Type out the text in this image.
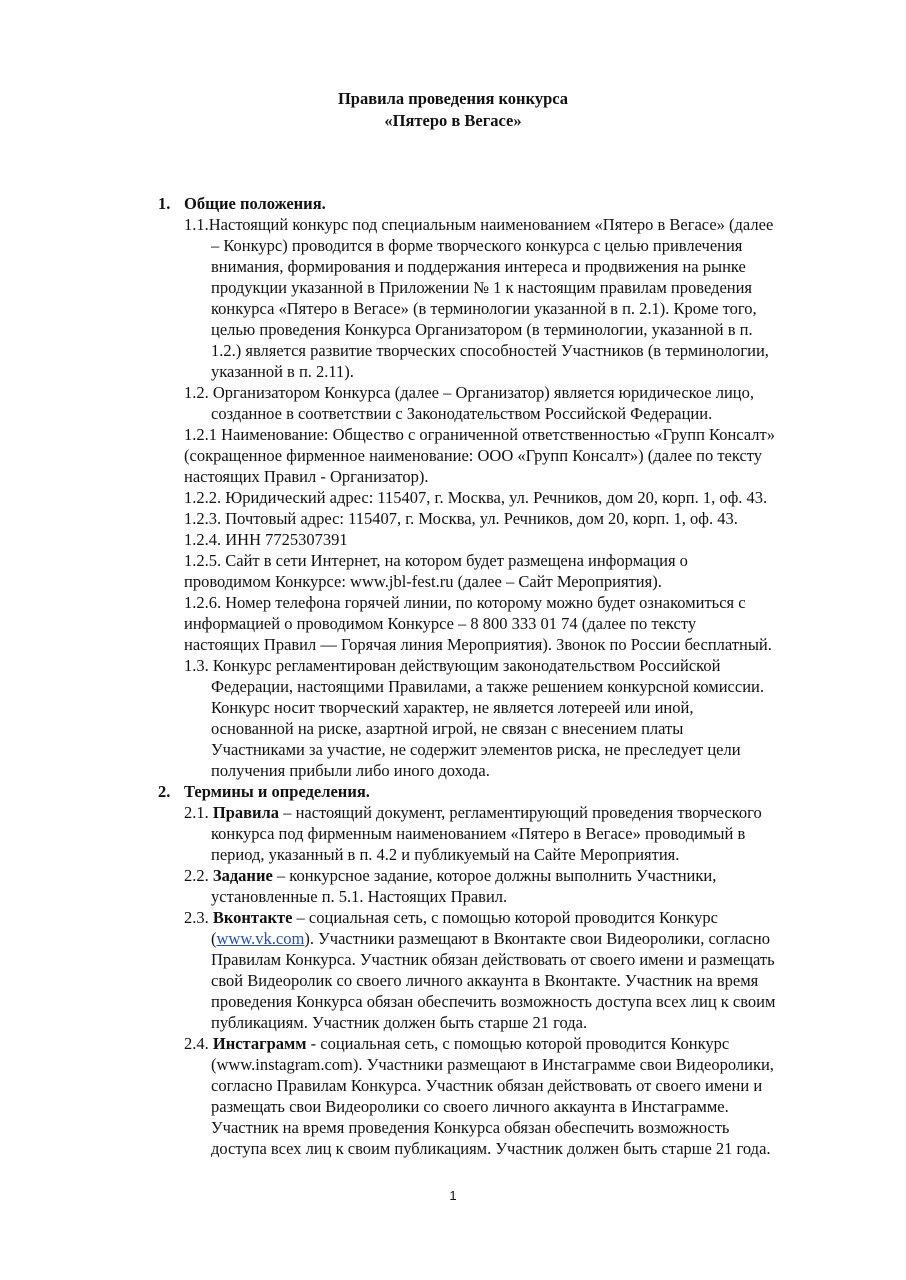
Правила проведения конкурса
«Пятеро в Вегасе»
1. Общие положения.
1.1.Настоящий конкурс под специальным наименованием «Пятеро в Вегасе» (далее
– Конкурс) проводится в форме творческого конкурса с целью привлечения
внимания, формирования и поддержания интереса и продвижения на рынке
продукции указанной в Приложении № 1 к настоящим правилам проведения
конкурса «Пятеро в Вегасе» (в терминологии указанной в п. 2.1). Кроме того,
целью проведения Конкурса Организатором (в терминологии, указанной в п.
1.2.) является развитие творческих способностей Участников (в терминологии,
указанной в п. 2.11).
1.2. Организатором Конкурса (далее – Организатор) является юридическое лицо,
созданное в соответствии с Законодательством Российской Федерации.
1.2.1 Наименование: Общество с ограниченной ответственностью «Групп Консалт»
(сокращенное фирменное наименование: ООО «Групп Консалт») (далее по тексту
настоящих Правил - Организатор).
1.2.2. Юридический адрес: 115407, г. Москва, ул. Речников, дом 20, корп. 1, оф. 43.
1.2.3. Почтовый адрес: 115407, г. Москва, ул. Речников, дом 20, корп. 1, оф. 43.
1.2.4. ИНН 7725307391
1.2.5. Сайт в сети Интернет, на котором будет размещена информация о
проводимом Конкурсе: www.jbl-fest.ru (далее – Сайт Мероприятия).
1.2.6. Номер телефона горячей линии, по которому можно будет ознакомиться с
информацией о проводимом Конкурсе – 8 800 333 01 74 (далее по тексту
настоящих Правил — Горячая линия Мероприятия). Звонок по России бесплатный.
1.3. Конкурс регламентирован действующим законодательством Российской
Федерации, настоящими Правилами, а также решением конкурсной комиссии.
Конкурс носит творческий характер, не является лотереей или иной,
основанной на риске, азартной игрой, не связан с внесением платы
Участниками за участие, не содержит элементов риска, не преследует цели
получения прибыли либо иного дохода.
2. Термины и определения.
2.1. Правила – настоящий документ, регламентирующий проведения творческого
конкурса под фирменным наименованием «Пятеро в Вегасе» проводимый в
период, указанный в п. 4.2 и публикуемый на Сайте Мероприятия.
2.2. Задание – конкурсное задание, которое должны выполнить Участники,
установленные п. 5.1. Настоящих Правил.
2.3. Вконтакте – социальная сеть, с помощью которой проводится Конкурс
(www.vk.com). Участники размещают в Вконтакте свои Видеоролики, согласно
Правилам Конкурса. Участник обязан действовать от своего имени и размещать
свой Видеоролик со своего личного аккаунта в Вконтакте. Участник на время
проведения Конкурса обязан обеспечить возможность доступа всех лиц к своим
публикациям. Участник должен быть старше 21 года.
2.4. Инстаграмм - социальная сеть, с помощью которой проводится Конкурс
(www.instagram.com). Участники размещают в Инстаграмме свои Видеоролики,
согласно Правилам Конкурса. Участник обязан действовать от своего имени и
размещать свои Видеоролики со своего личного аккаунта в Инстаграмме.
Участник на время проведения Конкурса обязан обеспечить возможность
доступа всех лиц к своим публикациям. Участник должен быть старше 21 года.
1
